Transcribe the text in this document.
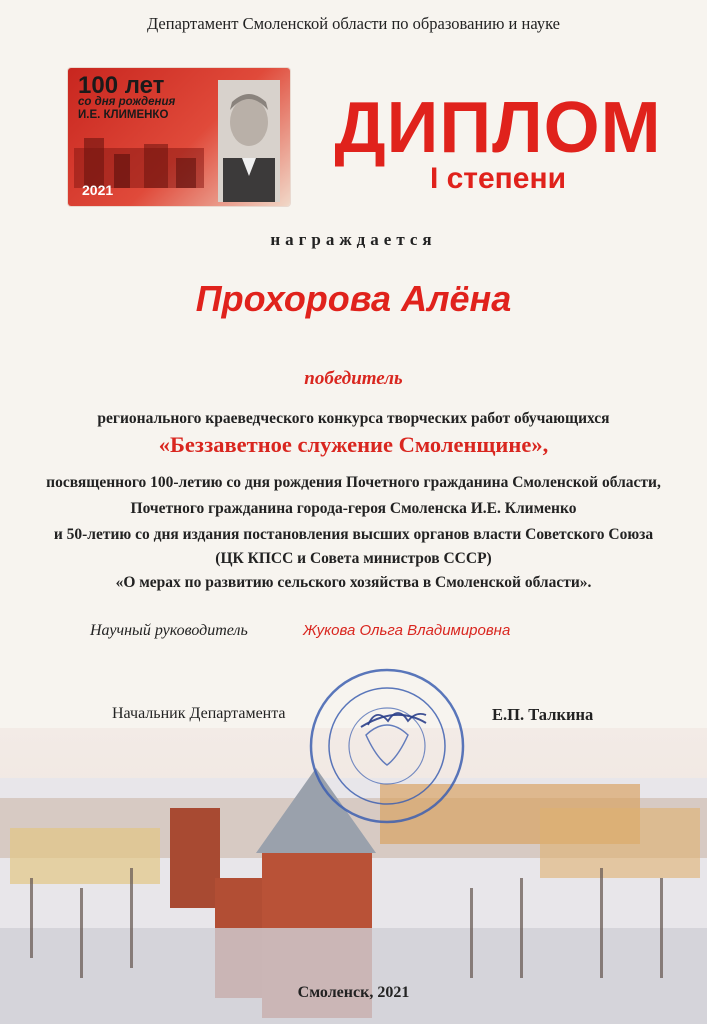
Департамент Смоленской области по образованию и науке
100 лет
со дня рождения
И.Е. КЛИМЕНКО
2021
ДИПЛОМ
I степени
награждается
Прохорова Алёна
победитель
регионального краеведческого конкурса творческих работ обучающихся
«Беззаветное служение Смоленщине»,
посвященного 100-летию со дня рождения Почетного гражданина Смоленской области,
Почетного гражданина города-героя Смоленска И.Е. Клименко
и 50-летию со дня издания постановления высших органов власти Советского Союза
(ЦК КПСС и Совета министров СССР)
«О мерах по развитию сельского хозяйства в Смоленской области».
Научный руководитель	Жукова Ольга Владимировна
Начальник Департамента	Е.П. Талкина
Смоленск, 2021
